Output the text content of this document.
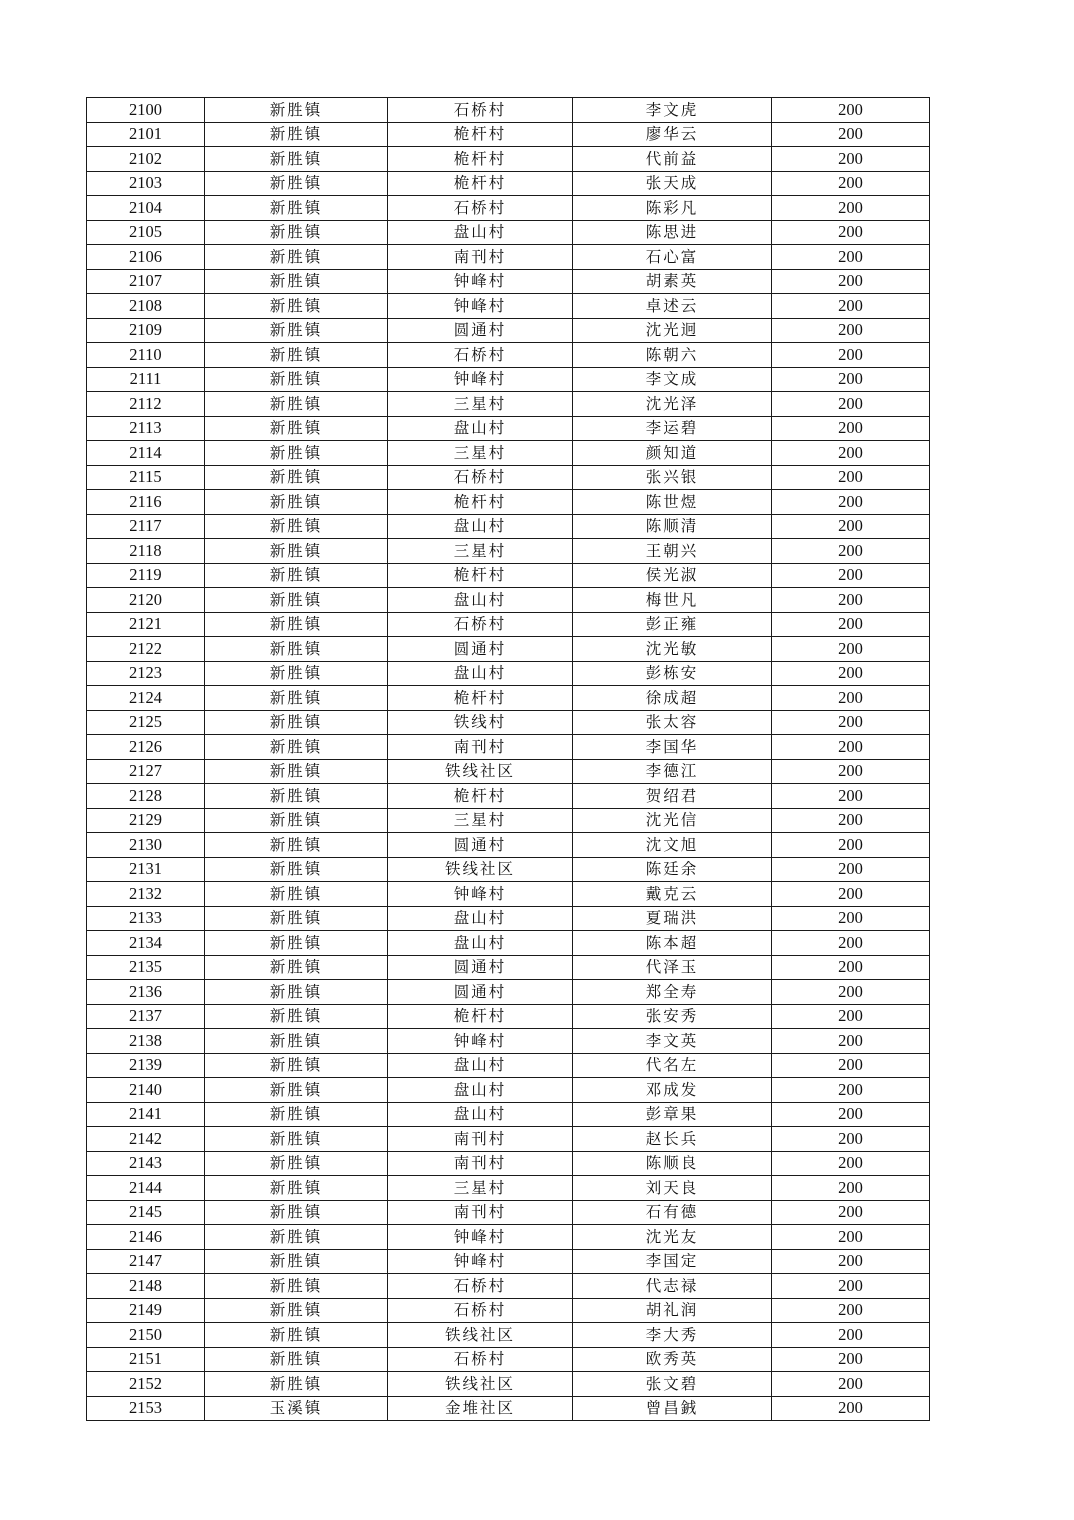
2100	新胜镇	石桥村	李文虎	200
2101	新胜镇	桅杆村	廖华云	200
2102	新胜镇	桅杆村	代前益	200
2103	新胜镇	桅杆村	张天成	200
2104	新胜镇	石桥村	陈彩凡	200
2105	新胜镇	盘山村	陈思进	200
2106	新胜镇	南刊村	石心富	200
2107	新胜镇	钟峰村	胡素英	200
2108	新胜镇	钟峰村	卓述云	200
2109	新胜镇	圆通村	沈光迥	200
2110	新胜镇	石桥村	陈朝六	200
2111	新胜镇	钟峰村	李文成	200
2112	新胜镇	三星村	沈光泽	200
2113	新胜镇	盘山村	李运碧	200
2114	新胜镇	三星村	颜知道	200
2115	新胜镇	石桥村	张兴银	200
2116	新胜镇	桅杆村	陈世煜	200
2117	新胜镇	盘山村	陈顺清	200
2118	新胜镇	三星村	王朝兴	200
2119	新胜镇	桅杆村	侯光淑	200
2120	新胜镇	盘山村	梅世凡	200
2121	新胜镇	石桥村	彭正雍	200
2122	新胜镇	圆通村	沈光敏	200
2123	新胜镇	盘山村	彭栋安	200
2124	新胜镇	桅杆村	徐成超	200
2125	新胜镇	铁线村	张太容	200
2126	新胜镇	南刊村	李国华	200
2127	新胜镇	铁线社区	李德江	200
2128	新胜镇	桅杆村	贺绍君	200
2129	新胜镇	三星村	沈光信	200
2130	新胜镇	圆通村	沈文旭	200
2131	新胜镇	铁线社区	陈廷余	200
2132	新胜镇	钟峰村	戴克云	200
2133	新胜镇	盘山村	夏瑞洪	200
2134	新胜镇	盘山村	陈本超	200
2135	新胜镇	圆通村	代泽玉	200
2136	新胜镇	圆通村	郑全寿	200
2137	新胜镇	桅杆村	张安秀	200
2138	新胜镇	钟峰村	李文英	200
2139	新胜镇	盘山村	代名左	200
2140	新胜镇	盘山村	邓成发	200
2141	新胜镇	盘山村	彭章果	200
2142	新胜镇	南刊村	赵长兵	200
2143	新胜镇	南刊村	陈顺良	200
2144	新胜镇	三星村	刘天良	200
2145	新胜镇	南刊村	石有德	200
2146	新胜镇	钟峰村	沈光友	200
2147	新胜镇	钟峰村	李国定	200
2148	新胜镇	石桥村	代志禄	200
2149	新胜镇	石桥村	胡礼润	200
2150	新胜镇	铁线社区	李大秀	200
2151	新胜镇	石桥村	欧秀英	200
2152	新胜镇	铁线社区	张文碧	200
2153	玉溪镇	金堆社区	曾昌銊	200
